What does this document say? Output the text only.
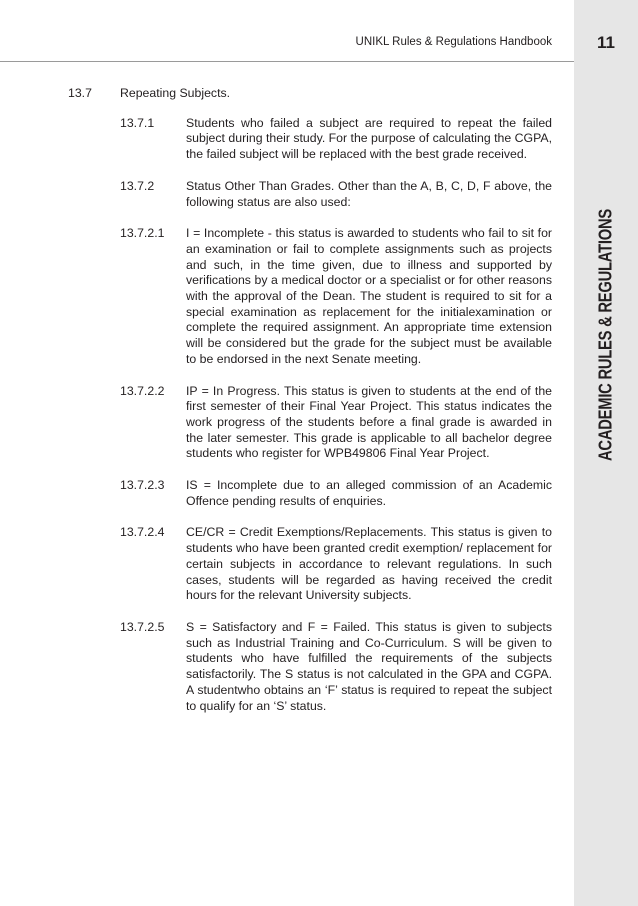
UNIKL Rules & Regulations Handbook	11
ACADEMIC RULES & REGULATIONS
13.7	Repeating Subjects.
13.7.1	Students who failed a subject are required to repeat the failed subject during their study. For the purpose of calculating the CGPA, the failed subject will be replaced with the best grade received.
13.7.2	Status Other Than Grades. Other than the A, B, C, D, F above, the following status are also used:
13.7.2.1	I = Incomplete - this status is awarded to students who fail to sit for an examination or fail to complete assignments such as projects and such, in the time given, due to illness and supported by verifications by a medical doctor or a specialist or for other reasons with the approval of the Dean. The student is required to sit for a special examination as replacement for the initialexamination or complete the required assignment. An appropriate time extension will be considered but the grade for the subject must be available to be endorsed in the next Senate meeting.
13.7.2.2	IP = In Progress. This status is given to students at the end of the first semester of their Final Year Project. This status indicates the work progress of the students before a final grade is awarded in the later semester. This grade is applicable to all bachelor degree students who register for WPB49806 Final Year Project.
13.7.2.3	IS = Incomplete due to an alleged commission of an Academic Offence pending results of enquiries.
13.7.2.4	CE/CR = Credit Exemptions/Replacements. This status is given to students who have been granted credit exemption/ replacement for certain subjects in accordance to relevant regulations. In such cases, students will be regarded as having received the credit hours for the relevant University subjects.
13.7.2.5	S = Satisfactory and F = Failed. This status is given to subjects such as Industrial Training and Co-Curriculum. S will be given to students who have fulfilled the requirements of the subjects satisfactorily. The S status is not calculated in the GPA and CGPA. A studentwho obtains an ‘F’ status is required to repeat the subject to qualify for an ‘S’ status.
